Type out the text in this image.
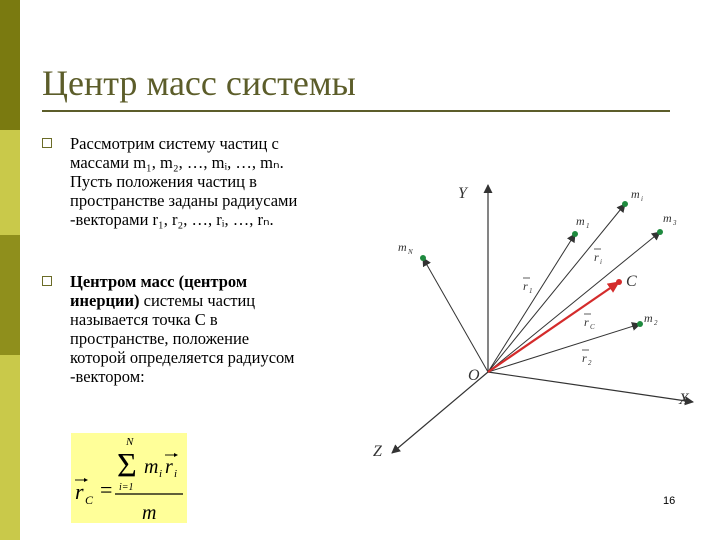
Центр масс системы

Рассмотрим систему частиц с

массами m₁, m₂, …, mᵢ, …, mₙ.

Пусть положения частиц в

пространстве заданы радиусами

-векторами r₁, r₂, …, rᵢ, …, rₙ.

Центром масс (центром

инерции) системы частиц

называется точка C в

пространстве, положение

которой определяется радиусом

-вектором:

r C =
N
Σ
i=1
m i r i
m
Y
X
Z
O
m i
m 1
m 3
m N
m 2
C
r 1
r i
r C
r 2
16
